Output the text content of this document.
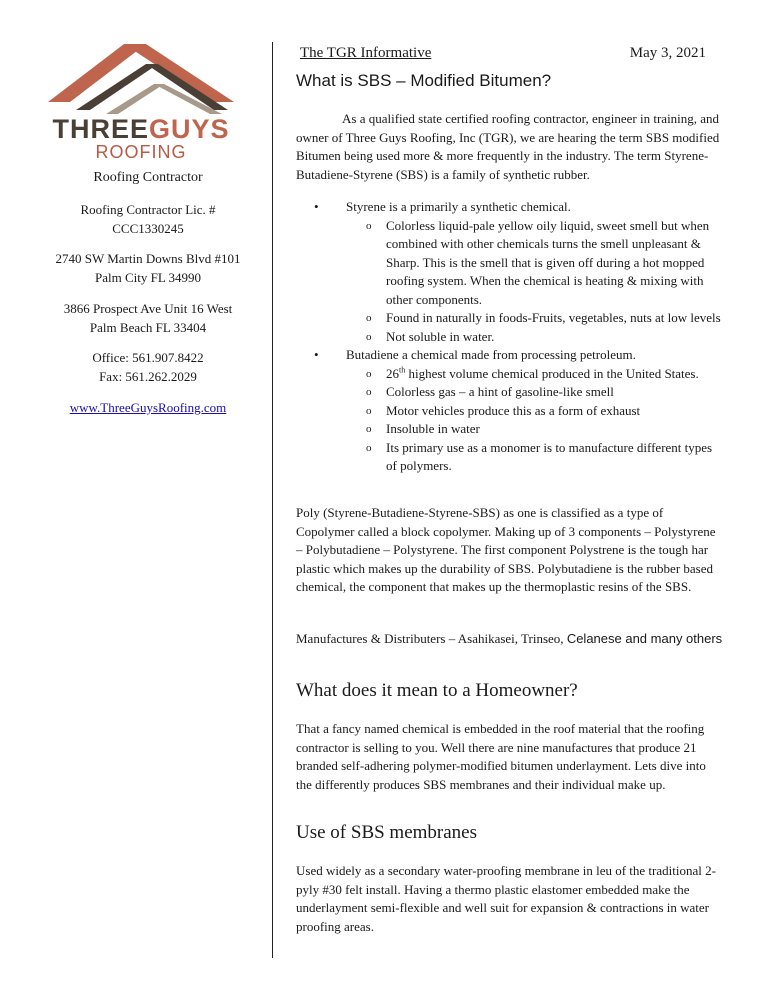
THREEGUYS
ROOFING
Roofing Contractor
Roofing Contractor Lic. #
CCC1330245
2740 SW Martin Downs Blvd #101
Palm City FL 34990
3866 Prospect Ave Unit 16 West
Palm Beach FL 33404
Office: 561.907.8422
Fax: 561.262.2029
www.ThreeGuysRoofing.com
The TGR Informative	May 3, 2021
What is SBS – Modified Bitumen?

As a qualified state certified roofing contractor, engineer in training, and owner of Three Guys Roofing, Inc (TGR), we are hearing the term SBS modified Bitumen being used more & more frequently in the industry. The term Styrene-Butadiene-Styrene (SBS) is a family of synthetic rubber.

• Styrene is a primarily a synthetic chemical.
o Colorless liquid-pale yellow oily liquid, sweet smell but when combined with other chemicals turns the smell unpleasant & Sharp. This is the smell that is given off during a hot mopped roofing system. When the chemical is heating & mixing with other components.
o Found in naturally in foods-Fruits, vegetables, nuts at low levels
o Not soluble in water.
• Butadiene a chemical made from processing petroleum.
o 26th highest volume chemical produced in the United States.
o Colorless gas – a hint of gasoline-like smell
o Motor vehicles produce this as a form of exhaust
o Insoluble in water
o Its primary use as a monomer is to manufacture different types of polymers.

Poly (Styrene-Butadiene-Styrene-SBS) as one is classified as a type of Copolymer called a block copolymer. Making up of 3 components – Polystyrene – Polybutadiene – Polystyrene. The first component Polystrene is the tough har plastic which makes up the durability of SBS. Polybutadiene is the rubber based chemical, the component that makes up the thermoplastic resins of the SBS.

Manufactures & Distributers – Asahikasei, Trinseo, Celanese and many others

What does it mean to a Homeowner?

That a fancy named chemical is embedded in the roof material that the roofing contractor is selling to you. Well there are nine manufactures that produce 21 branded self-adhering polymer-modified bitumen underlayment. Lets dive into the differently produces SBS membranes and their individual make up.

Use of SBS membranes

Used widely as a secondary water-proofing membrane in leu of the traditional 2-pyly #30 felt install. Having a thermo plastic elastomer embedded make the underlayment semi-flexible and well suit for expansion & contractions in water proofing areas.
